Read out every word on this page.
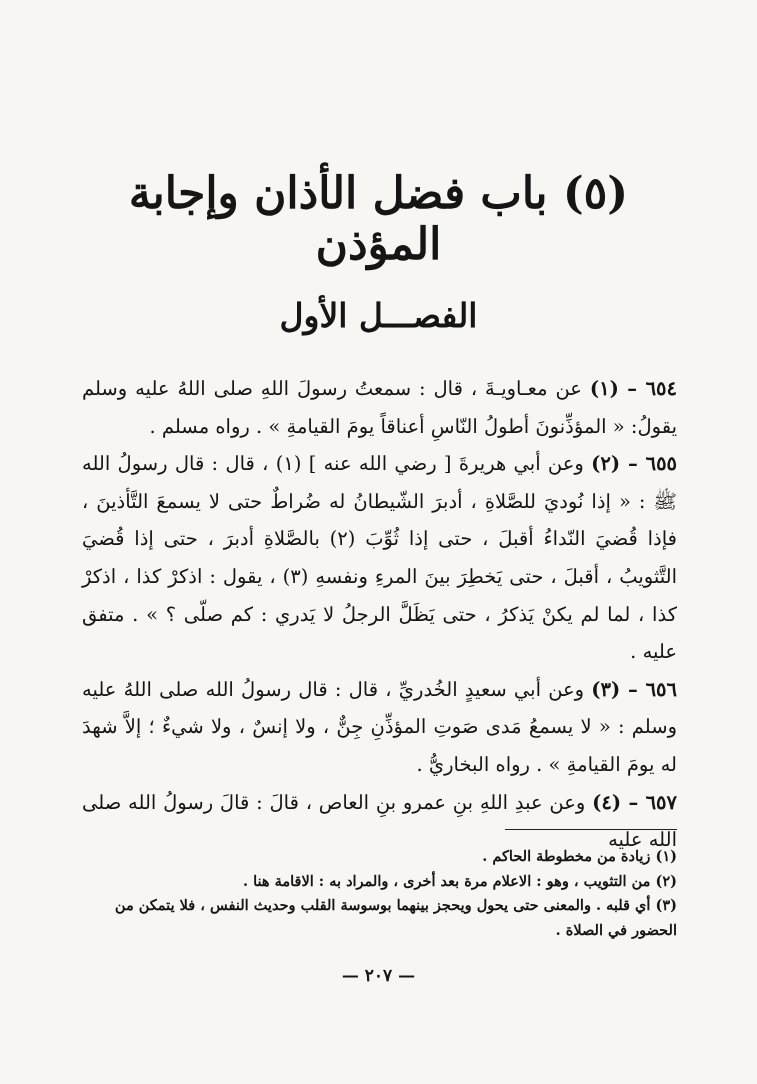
(٥) باب فضل الأذان وإجابة المؤذن
الفصـــل الأول

٦٥٤ – (١) عن معـاويـةَ ، قال : سمعتُ رسولَ اللهِ صلى اللهُ عليه وسلم يقولُ: « المؤذِّنونَ أطولُ النّاسِ أعناقاً يومَ القيامةِ » . رواه مسلم .

٦٥٥ – (٢) وعن أبي هريرةَ [ رضي الله عنه ] (١) ، قال : قال رسولُ الله ﷺ : « إذا نُوديَ للصَّلاةِ ، أدبرَ الشّيطانُ له ضُراطٌ حتى لا يسمعَ التَّأذينَ ، فإذا قُضيَ النّداءُ أقبلَ ، حتى إذا ثُوِّبَ (٢) بالصَّلاةِ أدبرَ ، حتى إذا قُضيَ التَّثويبُ ، أقبلَ ، حتى يَخطِرَ بينَ المرءِ ونفسهِ (٣) ، يقول : اذكرْ كذا ، اذكرْ كذا ، لما لم يكنْ يَذكرُ ، حتى يَظَلَّ الرجلُ لا يَدري : كم صلّى ؟ » . متفق عليه .

٦٥٦ – (٣) وعن أبي سعيدٍ الخُدريِّ ، قال : قال رسولُ الله صلى اللهُ عليه وسلم : « لا يسمعُ مَدى صَوتِ المؤذِّنِ جِنٌّ ، ولا إنسٌ ، ولا شيءٌ ؛ إلاَّ شهدَ له يومَ القيامةِ » . رواه البخاريُّ .

٦٥٧ – (٤) وعن عبدِ اللهِ بنِ عمرو بنِ العاص ، قالَ : قالَ رسولُ الله صلى الله عليه

(١) زيادة من مخطوطة الحاكم .

(٢) من التثويب ، وهو : الاعلام مرة بعد أخرى ، والمراد به : الاقامة هنا .

(٣) أي قلبه . والمعنى حتى يحول ويحجز بينهما بوسوسة القلب وحديث النفس ، فلا يتمكن من الحضور في الصلاة .

— ٢٠٧ —
